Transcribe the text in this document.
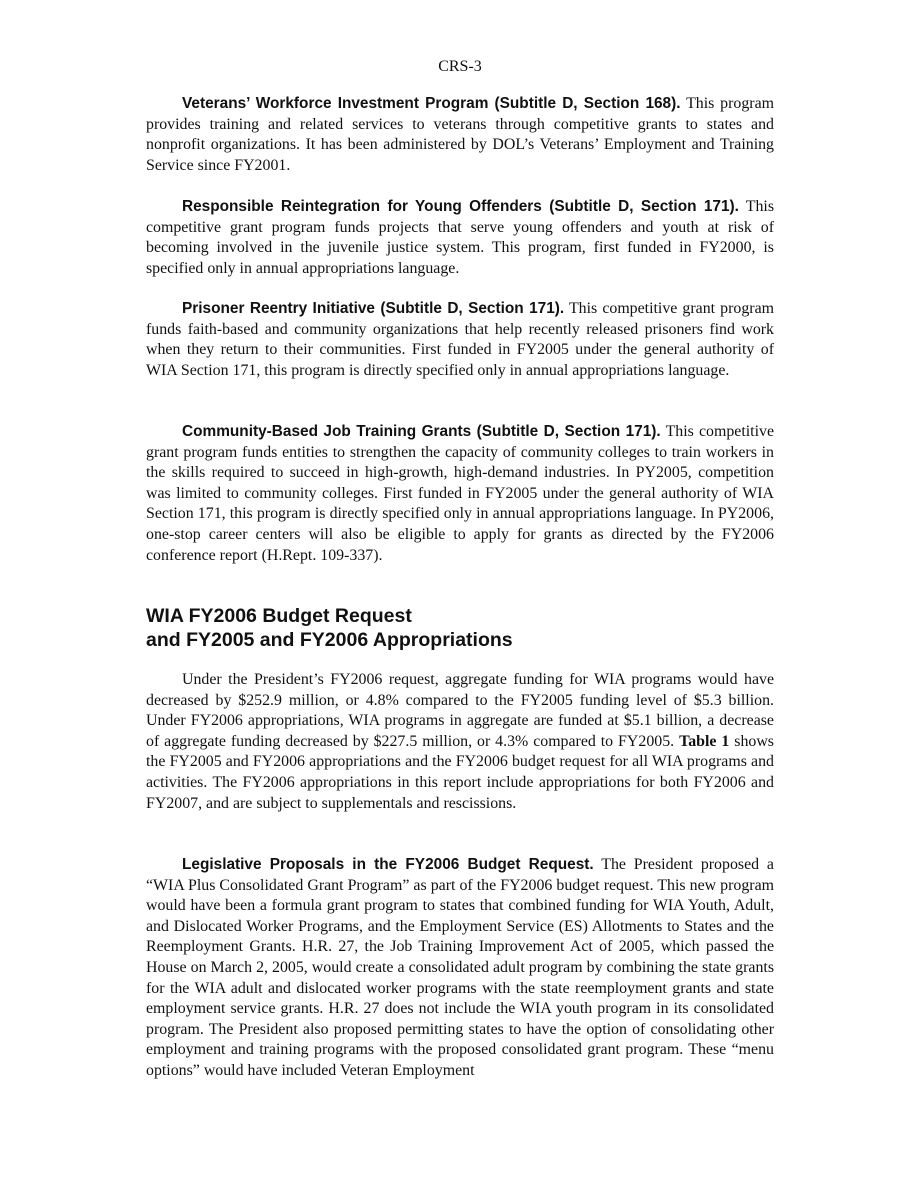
CRS-3

Veterans’ Workforce Investment Program (Subtitle D, Section 168). This program provides training and related services to veterans through competitive grants to states and nonprofit organizations. It has been administered by DOL’s Veterans’ Employment and Training Service since FY2001.

Responsible Reintegration for Young Offenders (Subtitle D, Section 171). This competitive grant program funds projects that serve young offenders and youth at risk of becoming involved in the juvenile justice system. This program, first funded in FY2000, is specified only in annual appropriations language.

Prisoner Reentry Initiative (Subtitle D, Section 171). This competitive grant program funds faith-based and community organizations that help recently released prisoners find work when they return to their communities. First funded in FY2005 under the general authority of WIA Section 171, this program is directly specified only in annual appropriations language.

Community-Based Job Training Grants (Subtitle D, Section 171). This competitive grant program funds entities to strengthen the capacity of community colleges to train workers in the skills required to succeed in high-growth, high-demand industries. In PY2005, competition was limited to community colleges. First funded in FY2005 under the general authority of WIA Section 171, this program is directly specified only in annual appropriations language. In PY2006, one-stop career centers will also be eligible to apply for grants as directed by the FY2006 conference report (H.Rept. 109-337).

WIA FY2006 Budget Request
and FY2005 and FY2006 Appropriations

Under the President’s FY2006 request, aggregate funding for WIA programs would have decreased by $252.9 million, or 4.8% compared to the FY2005 funding level of $5.3 billion. Under FY2006 appropriations, WIA programs in aggregate are funded at $5.1 billion, a decrease of aggregate funding decreased by $227.5 million, or 4.3% compared to FY2005. Table 1 shows the FY2005 and FY2006 appropriations and the FY2006 budget request for all WIA programs and activities. The FY2006 appropriations in this report include appropriations for both FY2006 and FY2007, and are subject to supplementals and rescissions.

Legislative Proposals in the FY2006 Budget Request. The President proposed a “WIA Plus Consolidated Grant Program” as part of the FY2006 budget request. This new program would have been a formula grant program to states that combined funding for WIA Youth, Adult, and Dislocated Worker Programs, and the Employment Service (ES) Allotments to States and the Reemployment Grants. H.R. 27, the Job Training Improvement Act of 2005, which passed the House on March 2, 2005, would create a consolidated adult program by combining the state grants for the WIA adult and dislocated worker programs with the state reemployment grants and state employment service grants. H.R. 27 does not include the WIA youth program in its consolidated program. The President also proposed permitting states to have the option of consolidating other employment and training programs with the proposed consolidated grant program. These “menu options” would have included Veteran Employment
